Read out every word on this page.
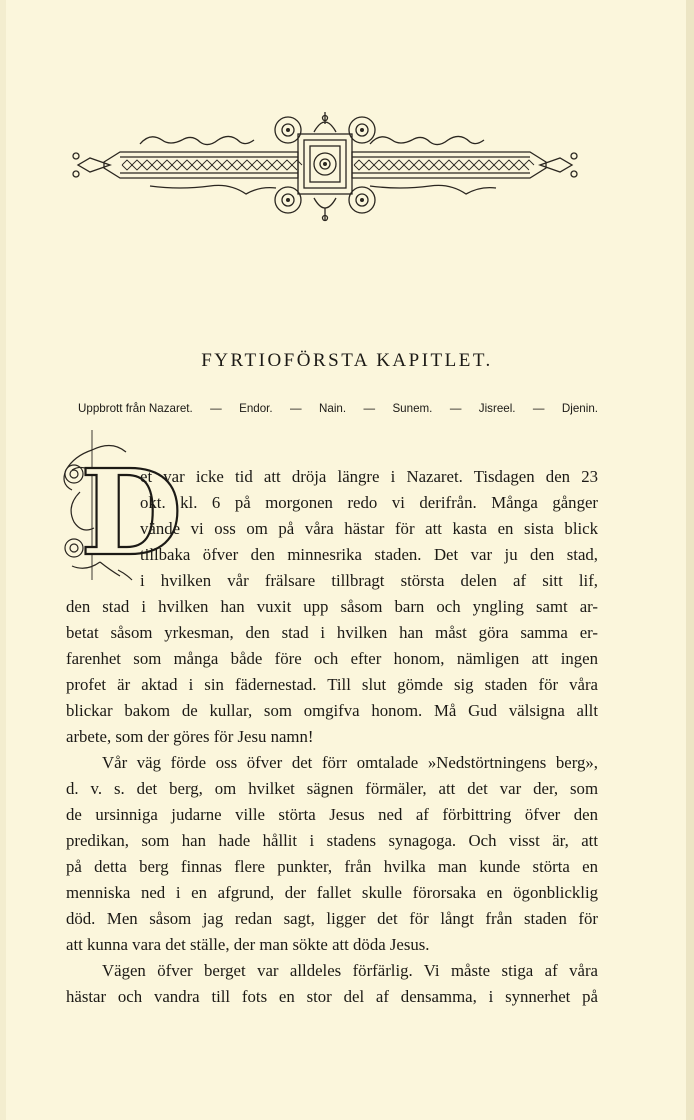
FYRTIOFÖRSTA KAPITLET.
Uppbrott från Nazaret. — Endor. — Nain. — Sunem. — Jisreel. — Djenin.
D
et var icke tid att dröja längre i Nazaret. Tisdagen den 23
okt. kl. 6 på morgonen redo vi derifrån. Många gånger
vände vi oss om på våra hästar för att kasta en sista blick
tillbaka öfver den minnesrika staden. Det var ju den stad,
i hvilken vår frälsare tillbragt största delen af sitt lif,
den stad i hvilken han vuxit upp såsom barn och yngling samt ar-
betat såsom yrkesman, den stad i hvilken han måst göra samma er-
farenhet som många både före och efter honom, nämligen att ingen
profet är aktad i sin fädernestad. Till slut gömde sig staden för våra
blickar bakom de kullar, som omgifva honom. Må Gud välsigna allt
arbete, som der göres för Jesu namn!
Vår väg förde oss öfver det förr omtalade »Nedstörtningens berg»,
d. v. s. det berg, om hvilket sägnen förmäler, att det var der, som
de ursinniga judarne ville störta Jesus ned af förbittring öfver den
predikan, som han hade hållit i stadens synagoga. Och visst är, att
på detta berg finnas flere punkter, från hvilka man kunde störta en
menniska ned i en afgrund, der fallet skulle förorsaka en ögonblicklig
död. Men såsom jag redan sagt, ligger det för långt från staden för
att kunna vara det ställe, der man sökte att döda Jesus.
Vägen öfver berget var alldeles förfärlig. Vi måste stiga af våra
hästar och vandra till fots en stor del af densamma, i synnerhet på
